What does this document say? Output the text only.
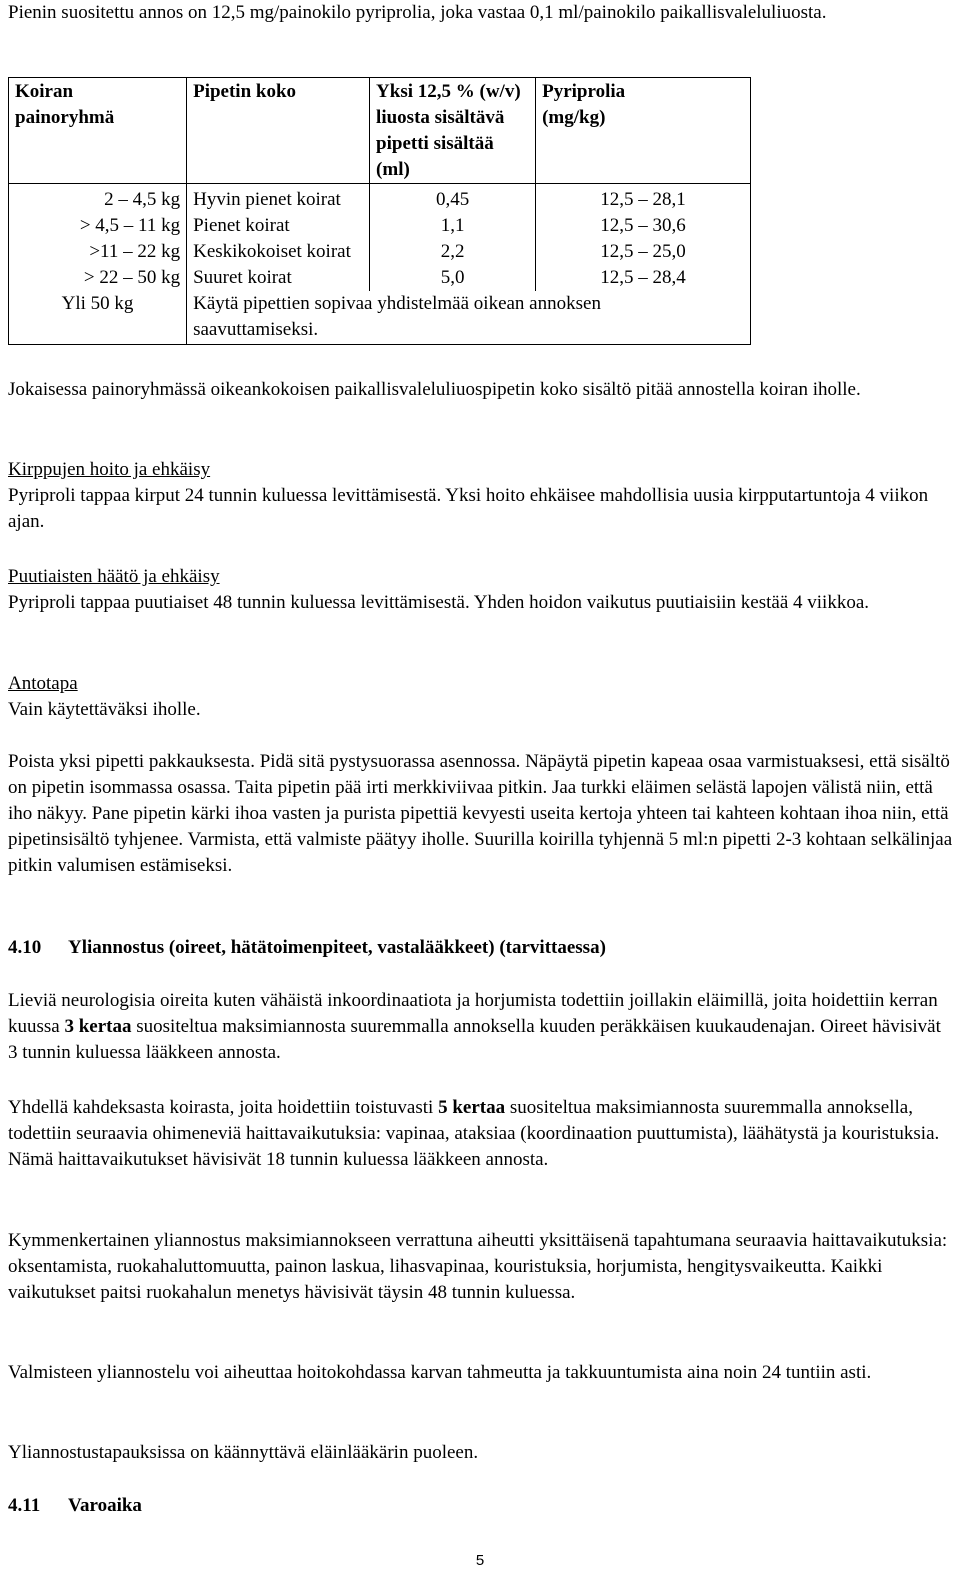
Pienin suositettu annos on 12,5 mg/painokilo pyriprolia, joka vastaa 0,1 ml/painokilo paikallisvaleluliuosta.

Koiran painoryhmä	Pipetin koko	Yksi 12,5 % (w/v) liuosta sisältävä pipetti sisältää (ml)	Pyriprolia (mg/kg)
2 – 4,5 kg	Hyvin pienet koirat	0,45	12,5 – 28,1
> 4,5 – 11 kg	Pienet koirat	1,1	12,5 – 30,6
>11 – 22 kg	Keskikokoiset koirat	2,2	12,5 – 25,0
> 22 – 50 kg	Suuret koirat	5,0	12,5 – 28,4
Yli 50 kg	Käytä pipettien sopivaa yhdistelmää oikean annoksen saavuttamiseksi.		

Jokaisessa painoryhmässä oikeankokoisen paikallisvaleluliuospipetin koko sisältö pitää annostella koiran iholle.

Kirppujen hoito ja ehkäisy

Pyriproli tappaa kirput 24 tunnin kuluessa levittämisestä. Yksi hoito ehkäisee mahdollisia uusia kirpputartuntoja 4 viikon ajan.

Puutiaisten häätö ja ehkäisy

Pyriproli tappaa puutiaiset 48 tunnin kuluessa levittämisestä. Yhden hoidon vaikutus puutiaisiin kestää 4 viikkoa.

Antotapa

Vain käytettäväksi iholle.

Poista yksi pipetti pakkauksesta. Pidä sitä pystysuorassa asennossa. Näpäytä pipetin kapeaa osaa varmistuaksesi, että sisältö on pipetin isommassa osassa. Taita pipetin pää irti merkkiviivaa pitkin. Jaa turkki eläimen selästä lapojen välistä niin, että iho näkyy. Pane pipetin kärki ihoa vasten ja purista pipettiä kevyesti useita kertoja yhteen tai kahteen kohtaan ihoa niin, että pipetinsisältö tyhjenee. Varmista, että valmiste päätyy iholle. Suurilla koirilla tyhjennä 5 ml:n pipetti 2-3 kohtaan selkälinjaa pitkin valumisen estämiseksi.

4.10 Yliannostus (oireet, hätätoimenpiteet, vastalääkkeet) (tarvittaessa)

Lieviä neurologisia oireita kuten vähäistä inkoordinaatiota ja horjumista todettiin joillakin eläimillä, joita hoidettiin kerran kuussa 3 kertaa suositeltua maksimiannosta suuremmalla annoksella kuuden peräkkäisen kuukaudenajan. Oireet hävisivät 3 tunnin kuluessa lääkkeen annosta.

Yhdellä kahdeksasta koirasta, joita hoidettiin toistuvasti 5 kertaa suositeltua maksimiannosta suuremmalla annoksella, todettiin seuraavia ohimeneviä haittavaikutuksia: vapinaa, ataksiaa (koordinaation puuttumista), läähätystä ja kouristuksia. Nämä haittavaikutukset hävisivät 18 tunnin kuluessa lääkkeen annosta.

Kymmenkertainen yliannostus maksimiannokseen verrattuna aiheutti yksittäisenä tapahtumana seuraavia haittavaikutuksia: oksentamista, ruokahaluttomuutta, painon laskua, lihasvapinaa, kouristuksia, horjumista, hengitysvaikeutta. Kaikki vaikutukset paitsi ruokahalun menetys hävisivät täysin 48 tunnin kuluessa.

Valmisteen yliannostelu voi aiheuttaa hoitokohdassa karvan tahmeutta ja takkuuntumista aina noin 24 tuntiin asti.

Yliannostustapauksissa on käännyttävä eläinlääkärin puoleen.

4.11 Varoaika

5
